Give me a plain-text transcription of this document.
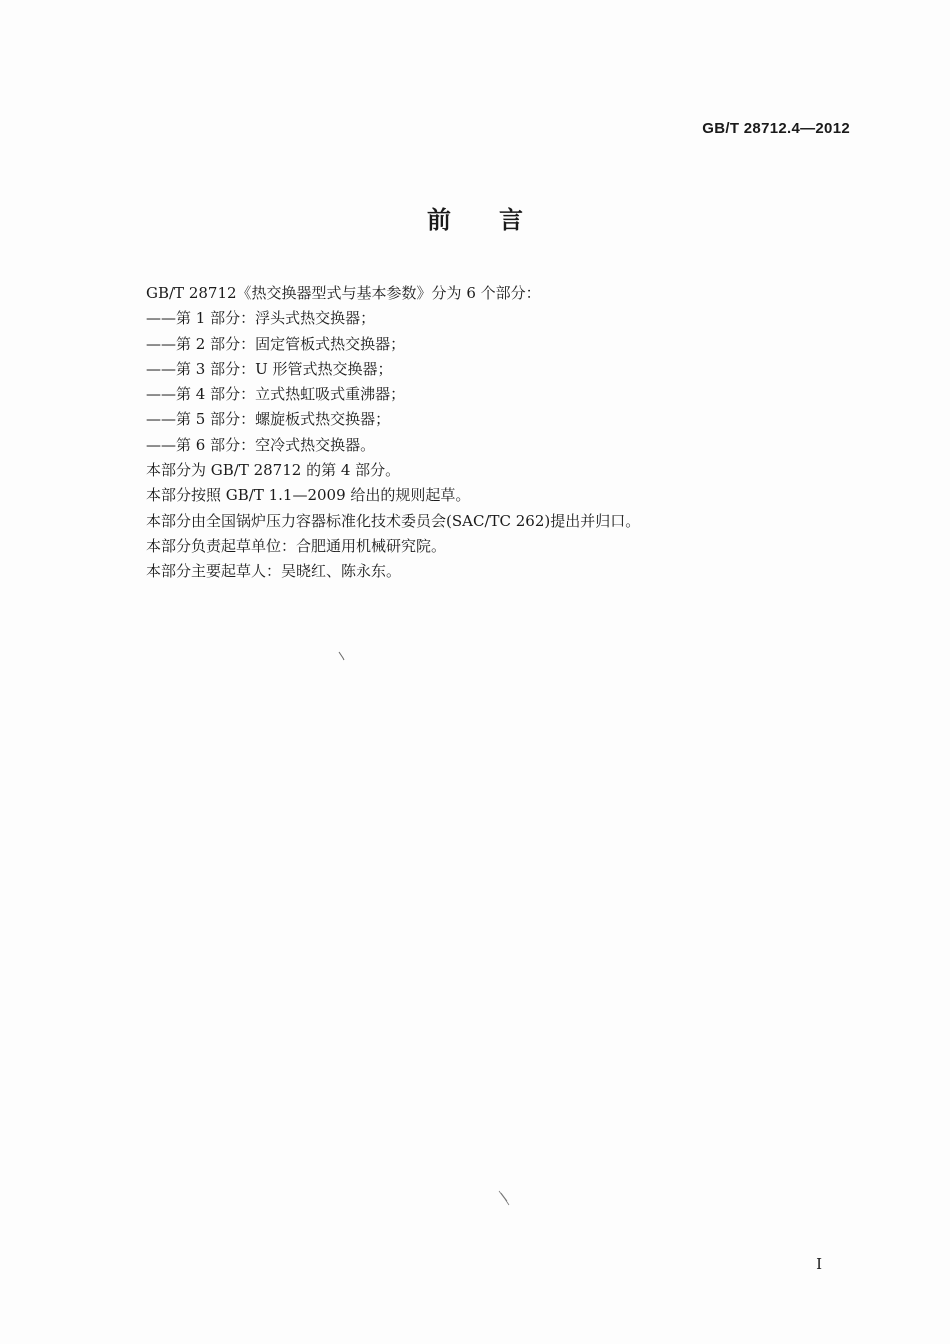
GB/T 28712.4—2012
前言

GB/T 28712《热交换器型式与基本参数》分为 6 个部分：

——第 1 部分：浮头式热交换器；

——第 2 部分：固定管板式热交换器；

——第 3 部分：U 形管式热交换器；

——第 4 部分：立式热虹吸式重沸器；

——第 5 部分：螺旋板式热交换器；

——第 6 部分：空冷式热交换器。

本部分为 GB/T 28712 的第 4 部分。

本部分按照 GB/T 1.1—2009 给出的规则起草。

本部分由全国锅炉压力容器标准化技术委员会(SAC/TC 262)提出并归口。

本部分负责起草单位：合肥通用机械研究院。

本部分主要起草人：吴晓红、陈永东。

I
